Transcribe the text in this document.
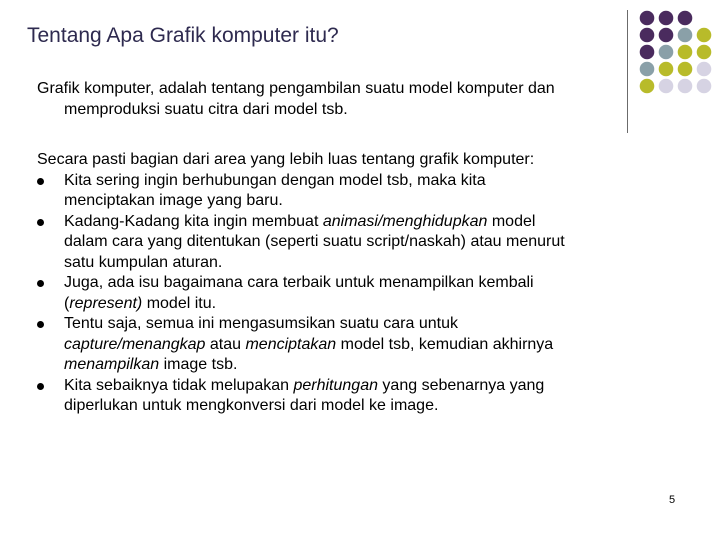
Tentang Apa Grafik komputer itu?
Grafik komputer, adalah tentang pengambilan suatu model komputer dan
memproduksi suatu citra dari model tsb.
Secara pasti bagian dari area yang lebih luas tentang grafik komputer:
Kita sering ingin berhubungan dengan model tsb, maka kita
menciptakan image yang baru.
Kadang-Kadang kita ingin membuat animasi/menghidupkan model
dalam cara yang ditentukan (seperti suatu script/naskah) atau menurut
satu kumpulan aturan.
Juga, ada isu bagaimana cara terbaik untuk menampilkan kembali
(represent) model itu.
Tentu saja, semua ini mengasumsikan suatu cara untuk
capture/menangkap atau menciptakan model tsb, kemudian akhirnya
menampilkan image tsb.
Kita sebaiknya tidak melupakan perhitungan yang sebenarnya yang
diperlukan untuk mengkonversi dari model ke image.
5
